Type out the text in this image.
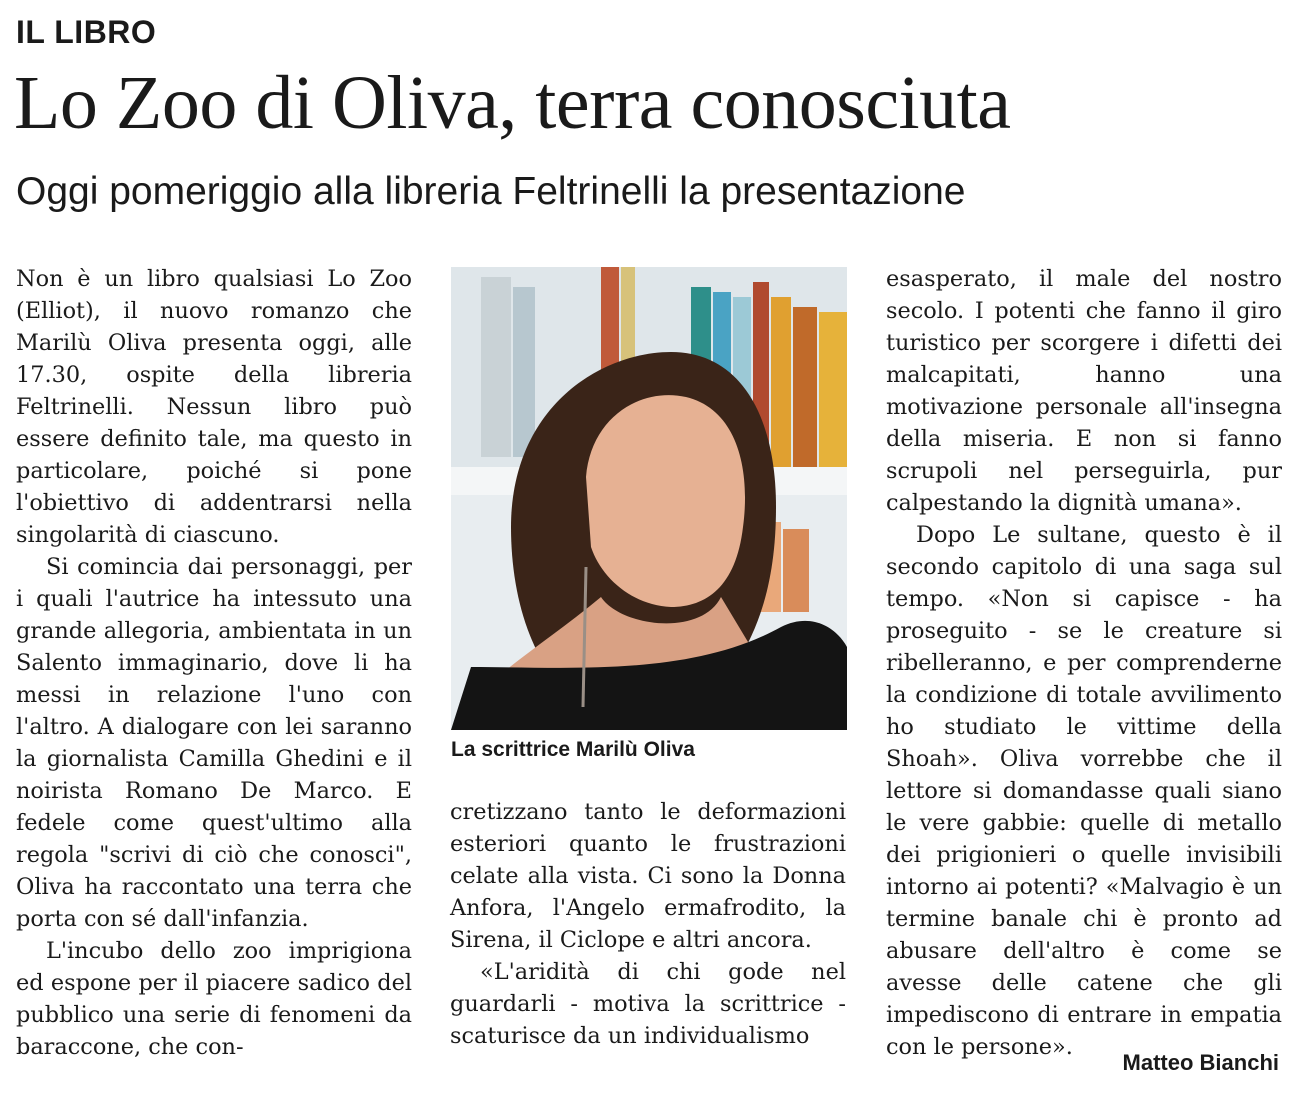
IL LIBRO
Lo Zoo di Oliva, terra conosciuta
Oggi pomeriggio alla libreria Feltrinelli la presentazione

Non è un libro qualsiasi Lo Zoo (Elliot), il nuovo romanzo che Marilù Oliva presenta oggi, alle 17.30, ospite della libreria Feltrinelli. Nessun libro può essere definito tale, ma questo in particolare, poiché si pone l'obiettivo di addentrarsi nella singolarità di ciascuno.

Si comincia dai personaggi, per i quali l'autrice ha intessuto una grande allegoria, ambientata in un Salento immaginario, dove li ha messi in relazione l'uno con l'altro. A dialogare con lei saranno la giornalista Camilla Ghedini e il noirista Romano De Marco. E fedele come quest'ultimo alla regola "scrivi di ciò che conosci", Oliva ha raccontato una terra che porta con sé dall'infanzia.

L'incubo dello zoo imprigiona ed espone per il piacere sadico del pubblico una serie di fenomeni da baraccone, che con-

La scrittrice Marilù Oliva

cretizzano tanto le deformazioni esteriori quanto le frustrazioni celate alla vista. Ci sono la Donna Anfora, l'Angelo ermafrodito, la Sirena, il Ciclope e altri ancora.

«L'aridità di chi gode nel guardarli - motiva la scrittrice - scaturisce da un individualismo

esasperato, il male del nostro secolo. I potenti che fanno il giro turistico per scorgere i difetti dei malcapitati, hanno una motivazione personale all'insegna della miseria. E non si fanno scrupoli nel perseguirla, pur calpestando la dignità umana».

Dopo Le sultane, questo è il secondo capitolo di una saga sul tempo. «Non si capisce - ha proseguito - se le creature si ribelleranno, e per comprenderne la condizione di totale avvilimento ho studiato le vittime della Shoah». Oliva vorrebbe che il lettore si domandasse quali siano le vere gabbie: quelle di metallo dei prigionieri o quelle invisibili intorno ai potenti? «Malvagio è un termine banale chi è pronto ad abusare dell'altro è come se avesse delle catene che gli impediscono di entrare in empatia con le persone».

Matteo Bianchi
